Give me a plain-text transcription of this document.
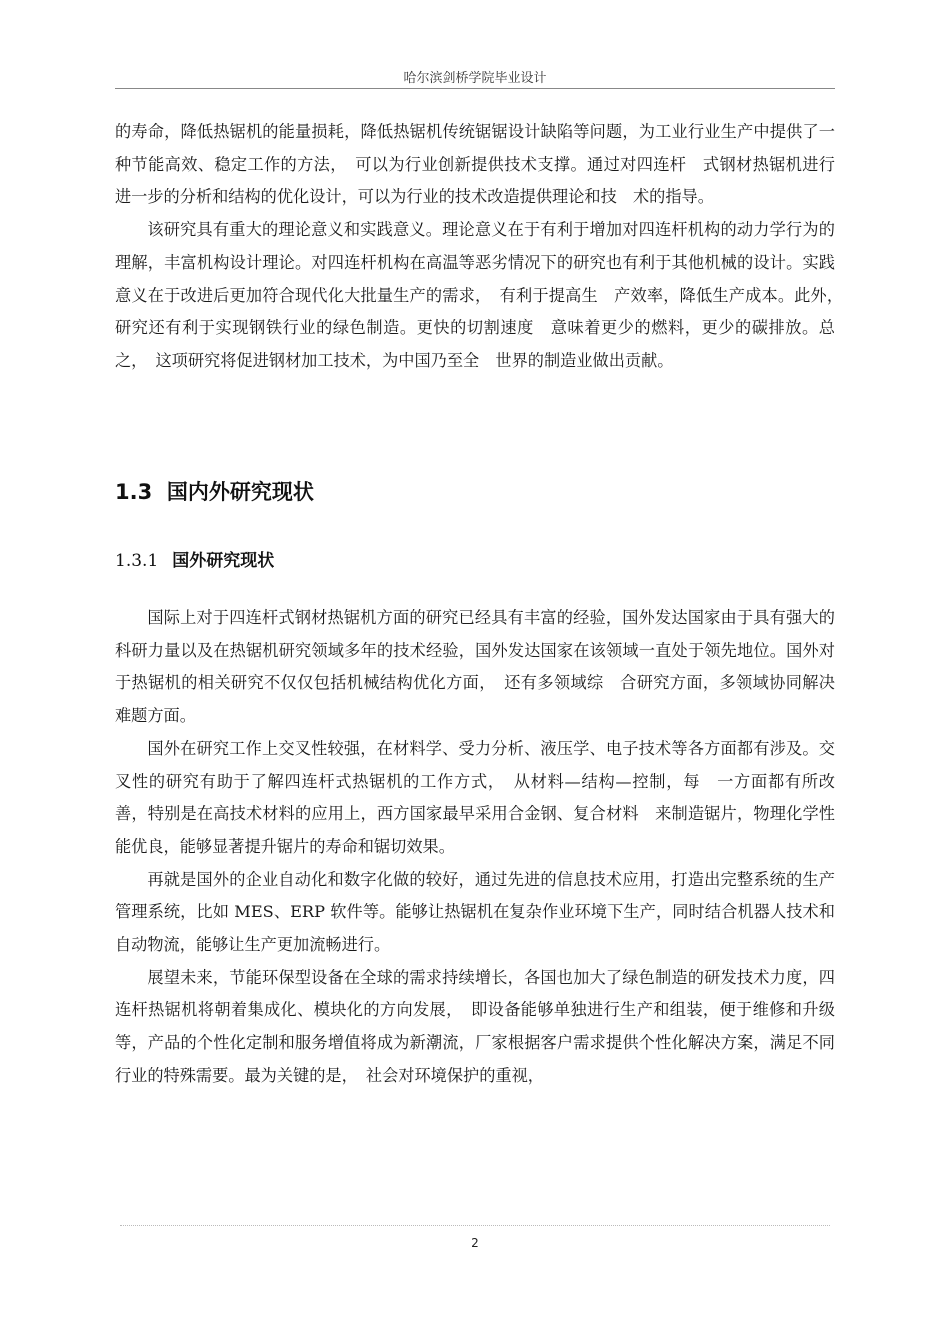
哈尔滨剑桥学院毕业设计

的寿命，降低热锯机的能量损耗，降低热锯机传统锯锯设计缺陷等问题，为工业行业生产中提供了一种节能高效、稳定工作的方法，　可以为行业创新提供技术支撑。通过对四连杆　式钢材热锯机进行进一步的分析和结构的优化设计，可以为行业的技术改造提供理论和技　术的指导。

该研究具有重大的理论意义和实践意义。理论意义在于有利于增加对四连杆机构的动力学行为的理解，丰富机构设计理论。对四连杆机构在高温等恶劣情况下的研究也有利于其他机械的设计。实践意义在于改进后更加符合现代化大批量生产的需求，　有利于提高生　产效率，降低生产成本。此外，　研究还有利于实现钢铁行业的绿色制造。更快的切割速度　意味着更少的燃料，更少的碳排放。总之，　这项研究将促进钢材加工技术，为中国乃至全　世界的制造业做出贡献。

1.3 国内外研究现状
1.3.1 国外研究现状

国际上对于四连杆式钢材热锯机方面的研究已经具有丰富的经验，国外发达国家由于具有强大的科研力量以及在热锯机研究领域多年的技术经验，国外发达国家在该领域一直处于领先地位。国外对于热锯机的相关研究不仅仅包括机械结构优化方面，　还有多领域综　合研究方面，多领域协同解决难题方面。

国外在研究工作上交叉性较强，在材料学、受力分析、液压学、电子技术等各方面都有涉及。交叉性的研究有助于了解四连杆式热锯机的工作方式，　从材料—结构—控制，每　一方面都有所改善，特别是在高技术材料的应用上，西方国家最早采用合金钢、复合材料　来制造锯片，物理化学性能优良，能够显著提升锯片的寿命和锯切效果。

再就是国外的企业自动化和数字化做的较好，通过先进的信息技术应用，打造出完整系统的生产管理系统，比如 MES、ERP 软件等。能够让热锯机在复杂作业环境下生产，同时结合机器人技术和自动物流，能够让生产更加流畅进行。

展望未来，节能环保型设备在全球的需求持续增长，各国也加大了绿色制造的研发技术力度，四连杆热锯机将朝着集成化、模块化的方向发展，　即设备能够单独进行生产和组装，便于维修和升级等，产品的个性化定制和服务增值将成为新潮流，厂家根据客户需求提供个性化解决方案，满足不同行业的特殊需要。最为关键的是，　社会对环境保护的重视，

2
